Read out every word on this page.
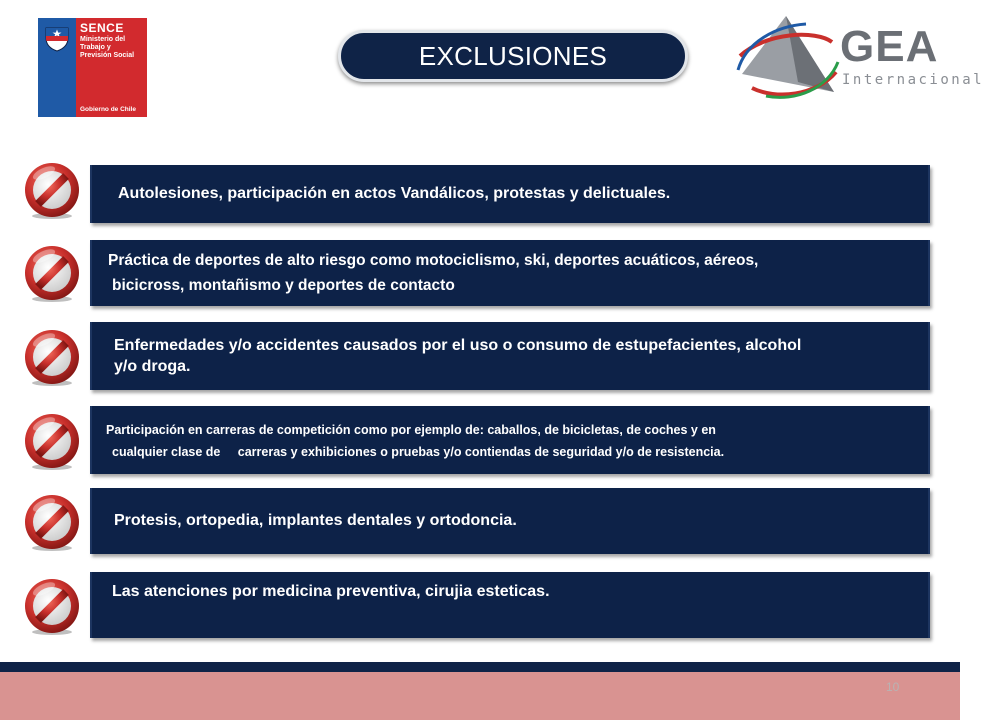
SENCE
Ministerio del Trabajo y Previsión Social
Gobierno de Chile
EXCLUSIONES	GEA
Internacional

Autolesiones, participación en actos Vandálicos, protestas y delictuales.

Práctica de deportes de alto riesgo como motociclismo, ski, deportes acuáticos, aéreos,

bicicross, montañismo y deportes de contacto

Enfermedades y/o accidentes causados por el uso o consumo de estupefacientes, alcohol

y/o droga.

Participación en carreras de competición como por ejemplo de: caballos, de bicicletas, de coches y en

cualquier clase de     carreras y exhibiciones o pruebas y/o contiendas de seguridad y/o de resistencia.

Protesis, ortopedia, implantes dentales y ortodoncia.

Las atenciones por medicina preventiva, cirujia esteticas.

10
